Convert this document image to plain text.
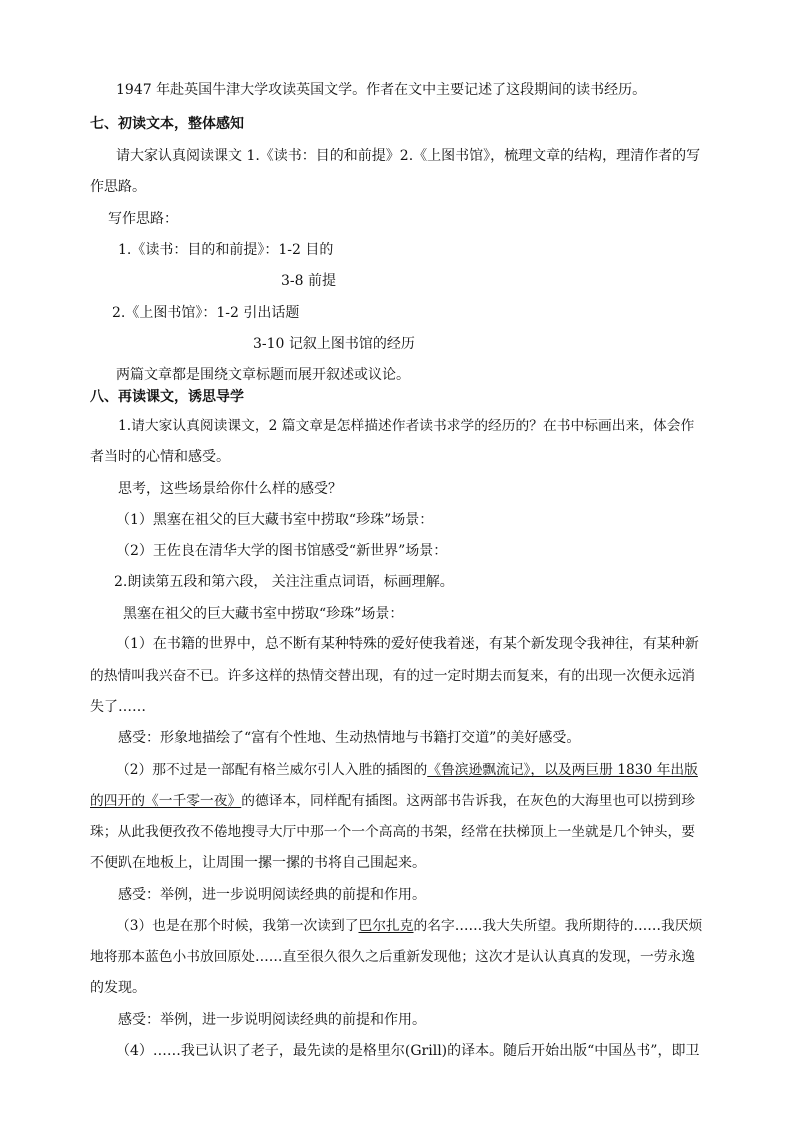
1947 年赴英国牛津大学攻读英国文学。作者在文中主要记述了这段期间的读书经历。
七、初读文本，整体感知
请大家认真阅读课文 1.《读书：目的和前提》2.《上图书馆》，梳理文章的结构，理清作者的写
作思路。
写作思路：
1.《读书：目的和前提》：1-2 目的
3-8 前提
2.《上图书馆》：1-2 引出话题
3-10 记叙上图书馆的经历
两篇文章都是围绕文章标题而展开叙述或议论。
八、再读课文，诱思导学
1.请大家认真阅读课文，2 篇文章是怎样描述作者读书求学的经历的？在书中标画出来，体会作
者当时的心情和感受。
思考，这些场景给你什么样的感受？
（1）黑塞在祖父的巨大藏书室中捞取“珍珠”场景：
（2）王佐良在清华大学的图书馆感受“新世界”场景：
2.朗读第五段和第六段， 关注注重点词语，标画理解。
黑塞在祖父的巨大藏书室中捞取“珍珠”场景：
（1）在书籍的世界中，总不断有某种特殊的爱好使我着迷，有某个新发现令我神往，有某种新
的热情叫我兴奋不已。许多这样的热情交替出现，有的过一定时期去而复来，有的出现一次便永远消
失了……
感受：形象地描绘了“富有个性地、生动热情地与书籍打交道”的美好感受。
（2）那不过是一部配有格兰威尔引人入胜的插图的《鲁滨逊飘流记》，以及两巨册 1830 年出版
的四开的《一千零一夜》的德译本，同样配有插图。这两部书告诉我，在灰色的大海里也可以捞到珍
珠；从此我便孜孜不倦地搜寻大厅中那一个一个高高的书架，经常在扶梯顶上一坐就是几个钟头，要
不便趴在地板上，让周围一摞一摞的书将自己围起来。
感受：举例，进一步说明阅读经典的前提和作用。
（3）也是在那个时候，我第一次读到了巴尔扎克的名字……我大失所望。我所期待的……我厌烦
地将那本蓝色小书放回原处……直至很久很久之后重新发现他；这次才是认认真真的发现，一劳永逸
的发现。
感受：举例，进一步说明阅读经典的前提和作用。
（4）……我已认识了老子，最先读的是格里尔(Grill)的译本。随后开始出版“中国丛书”，即卫
